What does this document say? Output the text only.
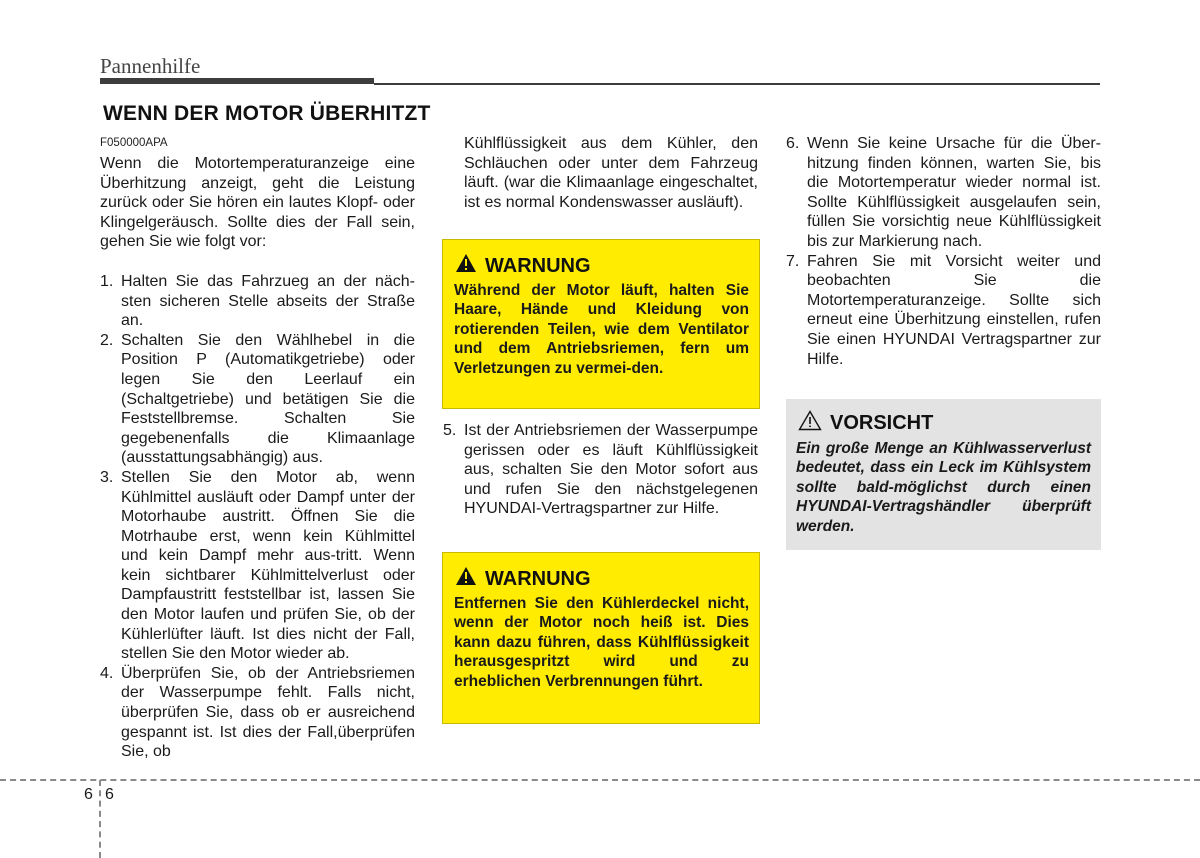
Pannenhilfe
WENN DER MOTOR ÜBERHITZT
F050000APA

Wenn die Motortemperaturanzeige eine Überhitzung anzeigt, geht die Leistung zurück oder Sie hören ein lautes Klopf- oder Klingelgeräusch. Sollte dies der Fall sein, gehen Sie wie folgt vor:

1. Halten Sie das Fahrzueg an der näch-sten sicheren Stelle abseits der Straße an.
2. Schalten Sie den Wählhebel in die Position P (Automatikgetriebe) oder legen Sie den Leerlauf ein (Schaltgetriebe) und betätigen Sie die Feststellbremse. Schalten Sie gegebenenfalls die Klimaanlage (ausstattungsabhängig) aus.
3. Stellen Sie den Motor ab, wenn Kühlmittel ausläuft oder Dampf unter der Motorhaube austritt. Öffnen Sie die Motrhaube erst, wenn kein Kühlmittel und kein Dampf mehr aus-tritt. Wenn kein sichtbarer Kühlmittelverlust oder Dampfaustritt feststellbar ist, lassen Sie den Motor laufen und prüfen Sie, ob der Kühlerlüfter läuft. Ist dies nicht der Fall, stellen Sie den Motor wieder ab.
4. Überprüfen Sie, ob der Antriebsriemen der Wasserpumpe fehlt. Falls nicht, überprüfen Sie, dass ob er ausreichend gespannt ist. Ist dies der Fall,überprüfen Sie, ob
Kühlflüssigkeit aus dem Kühler, den Schläuchen oder unter dem Fahrzeug läuft. (war die Klimaanlage eingeschaltet, ist es normal Kondenswasser ausläuft).
WARNUNG
Während der Motor läuft, halten Sie Haare, Hände und Kleidung von rotierenden Teilen, wie dem Ventilator und dem Antriebsriemen, fern um Verletzungen zu vermei-den.
5. Ist der Antriebsriemen der Wasserpumpe gerissen oder es läuft Kühlflüssigkeit aus, schalten Sie den Motor sofort aus und rufen Sie den nächstgelegenen HYUNDAI-Vertragspartner zur Hilfe.
WARNUNG
Entfernen Sie den Kühlerdeckel nicht, wenn der Motor noch heiß ist. Dies kann dazu führen, dass Kühlflüssigkeit herausgespritzt wird und zu erheblichen Verbrennungen führt.
6. Wenn Sie keine Ursache für die Über-hitzung finden können, warten Sie, bis die Motortemperatur wieder normal ist. Sollte Kühlflüssigkeit ausgelaufen sein, füllen Sie vorsichtig neue Kühlflüssigkeit bis zur Markierung nach.
7. Fahren Sie mit Vorsicht weiter und beobachten Sie die Motortemperaturanzeige. Sollte sich erneut eine Überhitzung einstellen, rufen Sie einen HYUNDAI Vertragspartner zur Hilfe.
VORSICHT
Ein große Menge an Kühlwasserverlust bedeutet, dass ein Leck im Kühlsystem sollte bald-möglichst durch einen HYUNDAI-Vertragshändler überprüft werden.
6 6
